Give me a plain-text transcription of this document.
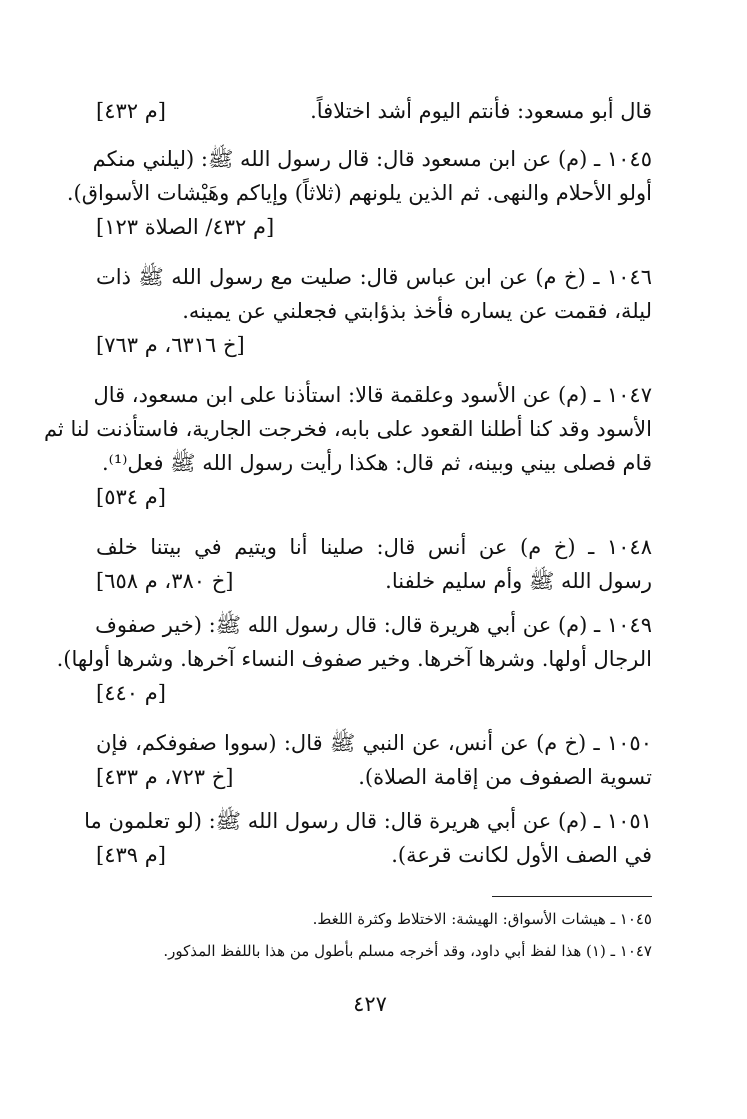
قال أبو مسعود: فأنتم اليوم أشد اختلافاً.
[م ٤٣٢]
١٠٤٥ ـ (م) عن ابن مسعود قال: قال رسول الله ﷺ: (ليلني منكم
أولو الأحلام والنهى. ثم الذين يلونهم (ثلاثاً) وإياكم وهَيْشات الأسواق).
[م ٤٣٢/ الصلاة ١٢٣]
١٠٤٦ ـ (خ م) عن ابن عباس قال: صليت مع رسول الله ﷺ ذات
ليلة، فقمت عن يساره فأخذ بذؤابتي فجعلني عن يمينه.
[خ ٦٣١٦، م ٧٦٣]
١٠٤٧ ـ (م) عن الأسود وعلقمة قالا: استأذنا على ابن مسعود، قال
الأسود وقد كنا أطلنا القعود على بابه، فخرجت الجارية، فاستأذنت لنا ثم
قام فصلى بيني وبينه، ثم قال: هكذا رأيت رسول الله ﷺ فعل⁽¹⁾.
[م ٥٣٤]
١٠٤٨ ـ (خ م) عن أنس قال: صلينا أنا ويتيم في بيتنا خلف
رسول الله ﷺ وأم سليم خلفنا.
[خ ٣٨٠، م ٦٥٨]
١٠٤٩ ـ (م) عن أبي هريرة قال: قال رسول الله ﷺ: (خير صفوف
الرجال أولها. وشرها آخرها. وخير صفوف النساء آخرها. وشرها أولها).
[م ٤٤٠]
١٠٥٠ ـ (خ م) عن أنس، عن النبي ﷺ قال: (سووا صفوفكم، فإن
تسوية الصفوف من إقامة الصلاة).
[خ ٧٢٣، م ٤٣٣]
١٠٥١ ـ (م) عن أبي هريرة قال: قال رسول الله ﷺ: (لو تعلمون ما
في الصف الأول لكانت قرعة).
[م ٤٣٩]
١٠٤٥ ـ هيشات الأسواق: الهيشة: الاختلاط وكثرة اللغط.
١٠٤٧ ـ (١) هذا لفظ أبي داود، وقد أخرجه مسلم بأطول من هذا باللفظ المذكور.
٤٢٧
